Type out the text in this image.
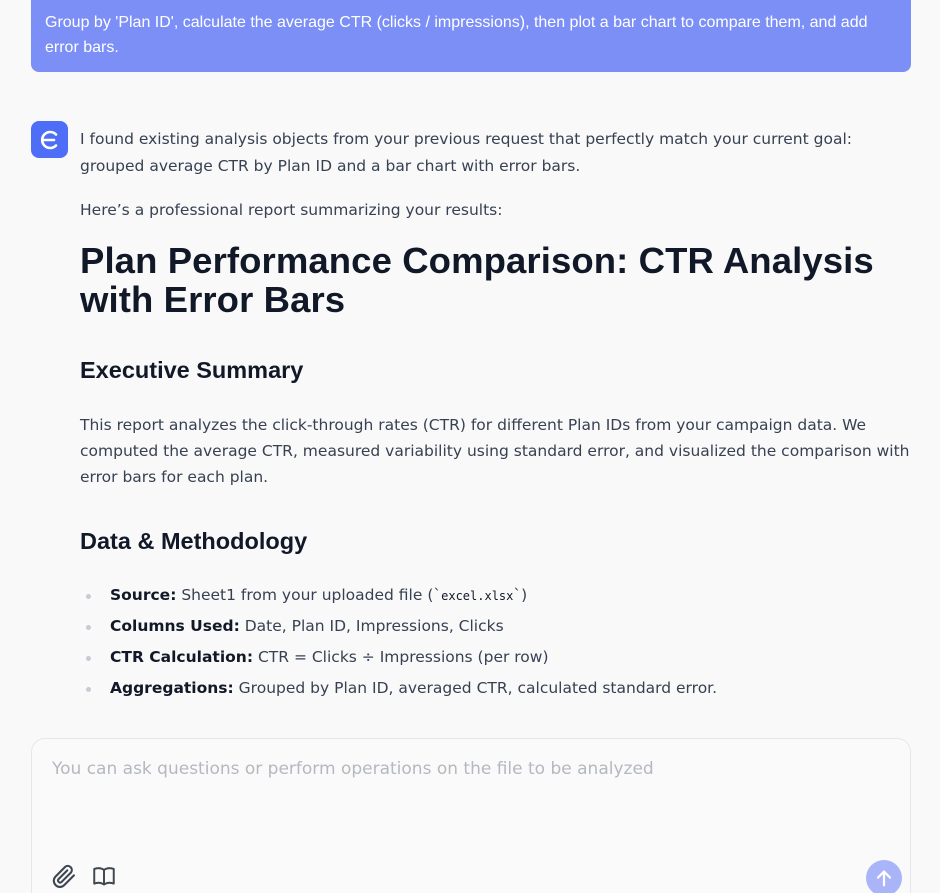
Group by 'Plan ID', calculate the average CTR (clicks / impressions), then plot a bar chart to compare them, and add error bars.

I found existing analysis objects from your previous request that perfectly match your current goal: grouped average CTR by Plan ID and a bar chart with error bars.

Here’s a professional report summarizing your results:

Plan Performance Comparison: CTR Analysis with Error Bars
Executive Summary

This report analyzes the click-through rates (CTR) for different Plan IDs from your campaign data. We computed the average CTR, measured variability using standard error, and visualized the comparison with error bars for each plan.

Data & Methodology
Source: Sheet1 from your uploaded file (`excel.xlsx`)
Columns Used: Date, Plan ID, Impressions, Clicks
CTR Calculation: CTR = Clicks ÷ Impressions (per row)
Aggregations: Grouped by Plan ID, averaged CTR, calculated standard error.
You can ask questions or perform operations on the file to be analyzed
